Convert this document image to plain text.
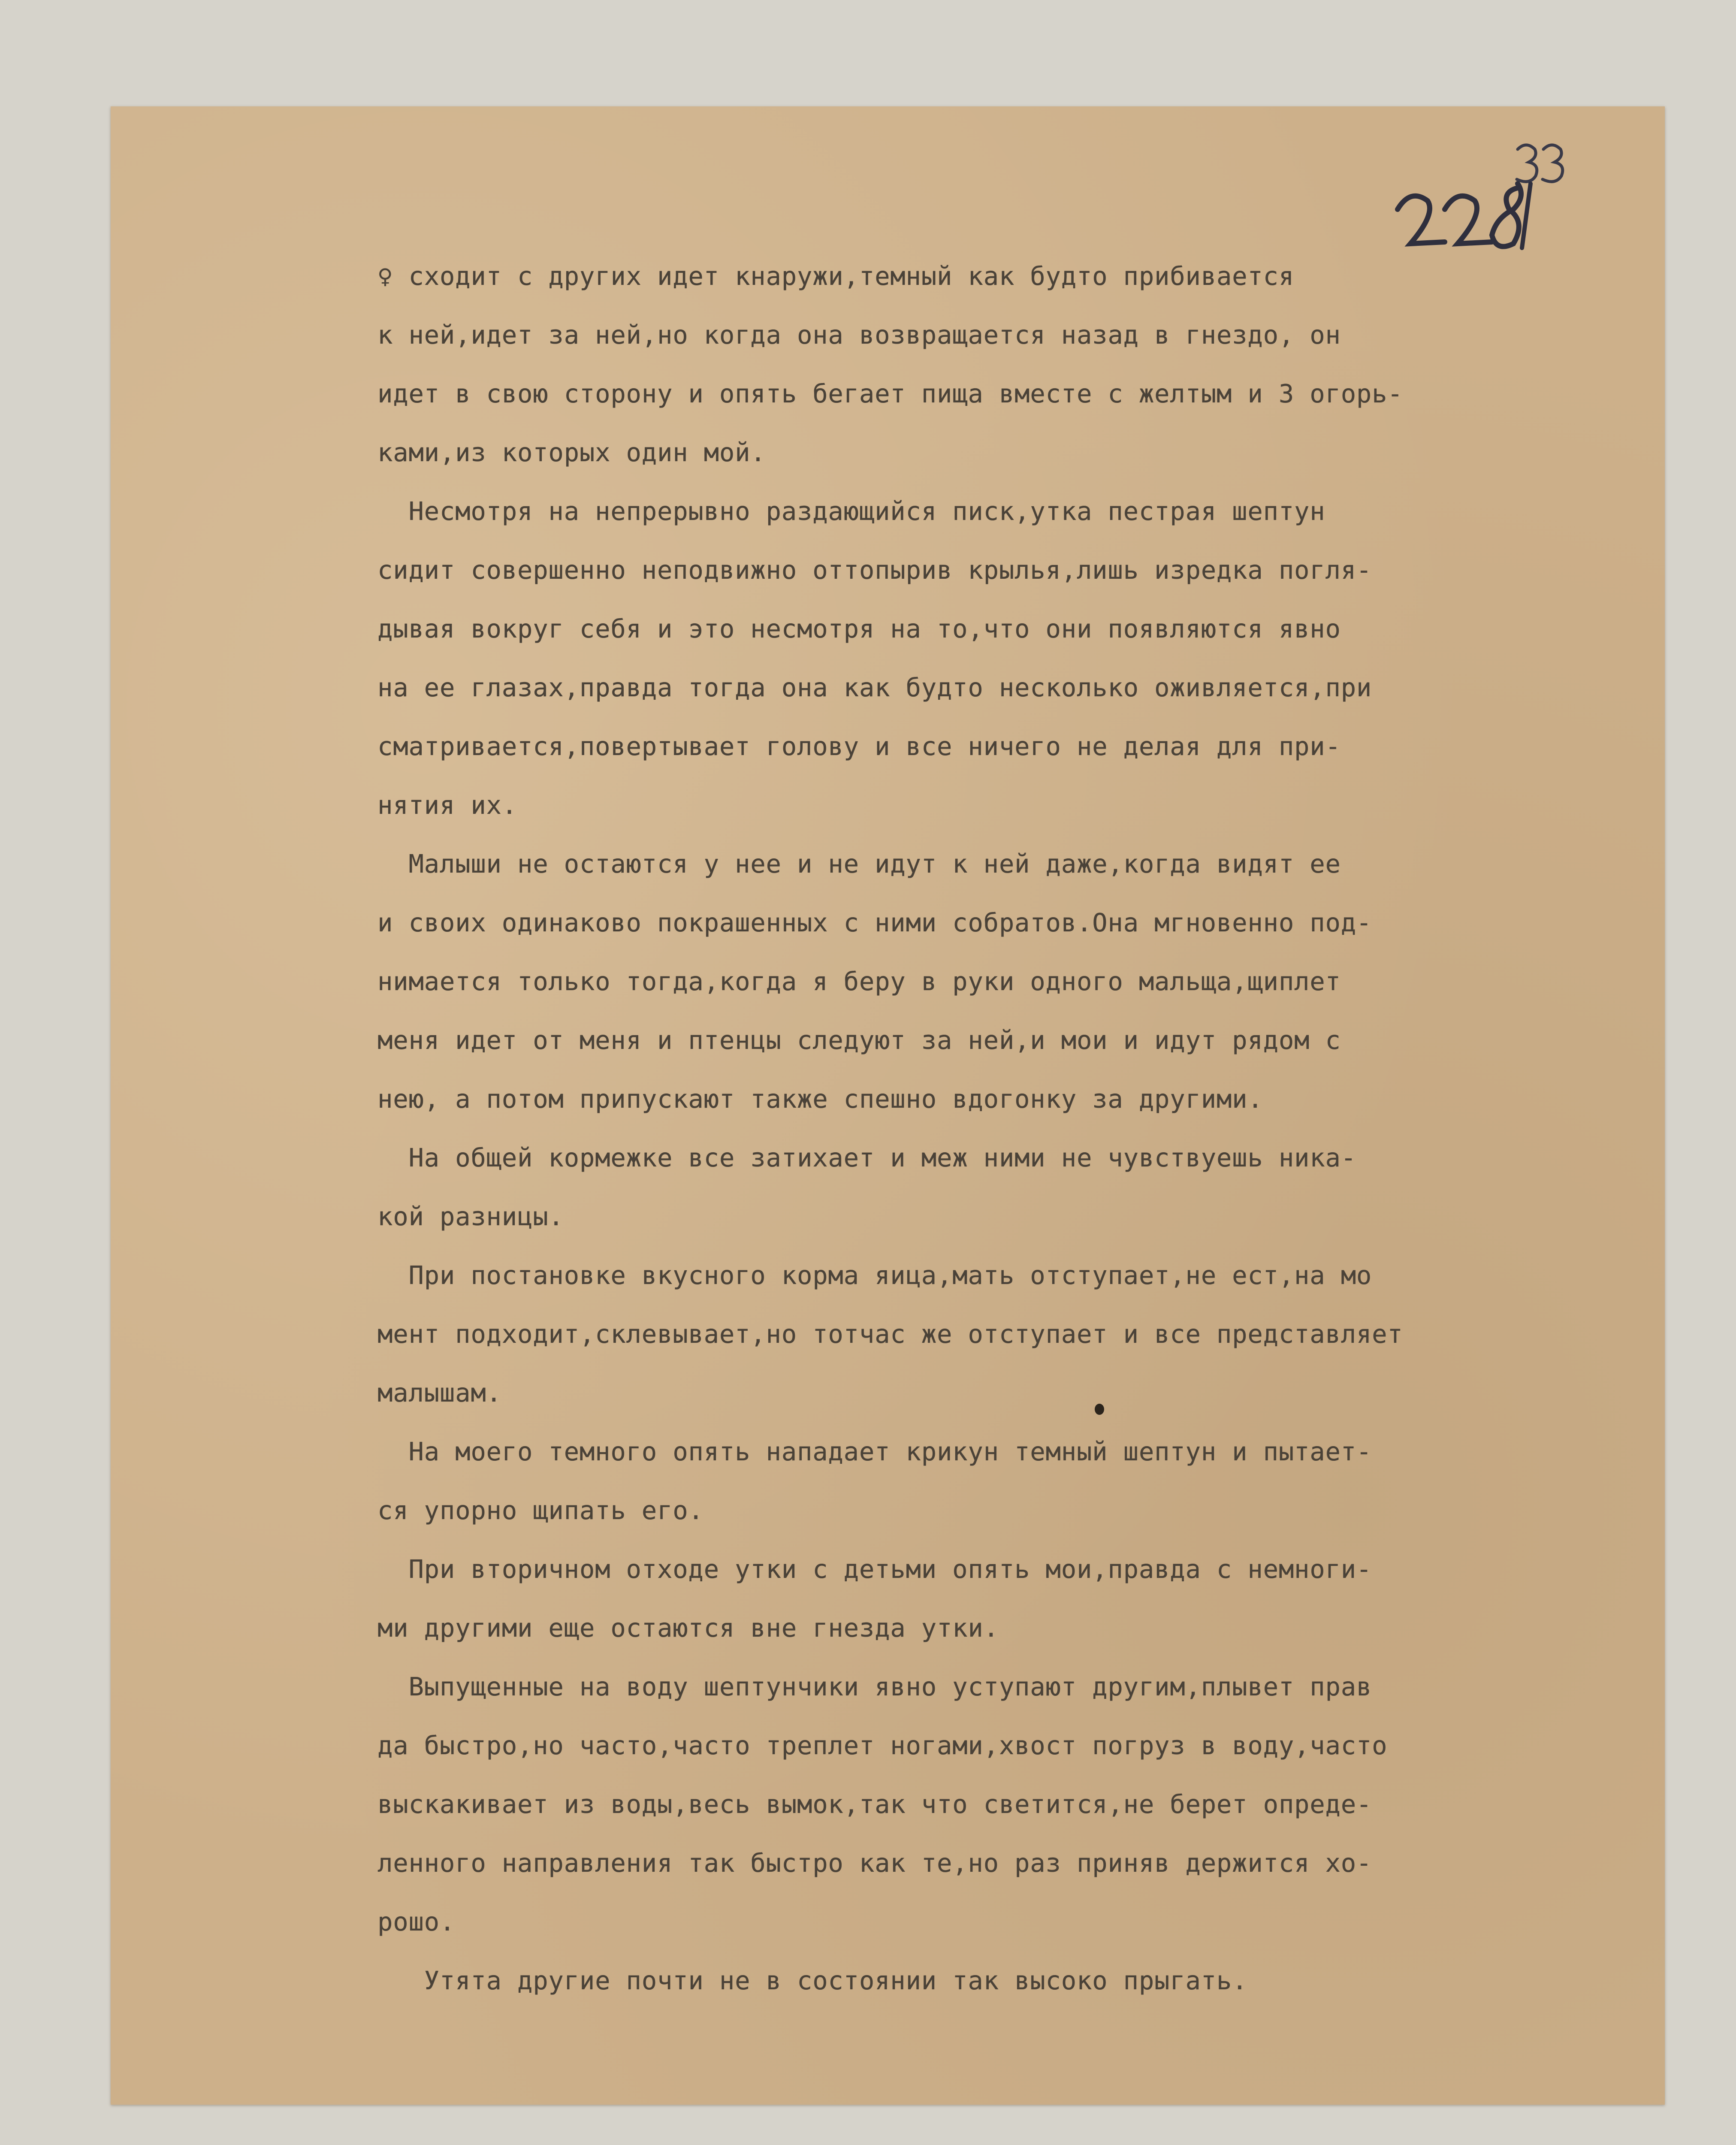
♀ сходит с других идет кнаружи,темный как будто прибивается
к ней,идет за ней,но когда она возвращается назад в гнездо, он
идет в свою сторону и опять бегает пища вместе с желтым и 3 огорь-
ками,из которых один мой.
Несмотря на непрерывно раздающийся писк,утка пестрая шептун
сидит совершенно неподвижно оттопырив крылья,лишь изредка погля-
дывая вокруг себя и это несмотря на то,что они появляются явно
на ее глазах,правда тогда она как будто несколько оживляется,при
сматривается,повертывает голову и все ничего не делая для при-
нятия их.
Малыши не остаются у нее и не идут к ней даже,когда видят ее
и своих одинаково покрашенных с ними собратов.Она мгновенно под-
нимается только тогда,когда я беру в руки одного мальща,щиплет
меня идет от меня и птенцы следуют за ней,и мои и идут рядом с
нею, а потом припускают также спешно вдогонку за другими.
На общей кормежке все затихает и меж ними не чувствуешь ника-
кой разницы.
При постановке вкусного корма яица,мать отступает,не ест,на мо
мент подходит,склевывает,но тотчас же отступает и все представляет
малышам.
На моего темного опять нападает крикун темный шептун и пытает-
ся упорно щипать его.
При вторичном отходе утки с детьми опять мои,правда с немноги-
ми другими еще остаются вне гнезда утки.
Выпущенные на воду шептунчики явно уступают другим,плывет прав
да быстро,но часто,часто треплет ногами,хвост погруз в воду,часто
выскакивает из воды,весь вымок,так что светится,не берет опреде-
ленного направления так быстро как те,но раз приняв держится хо-
рошо.
Утята другие почти не в состоянии так высоко прыгать.
